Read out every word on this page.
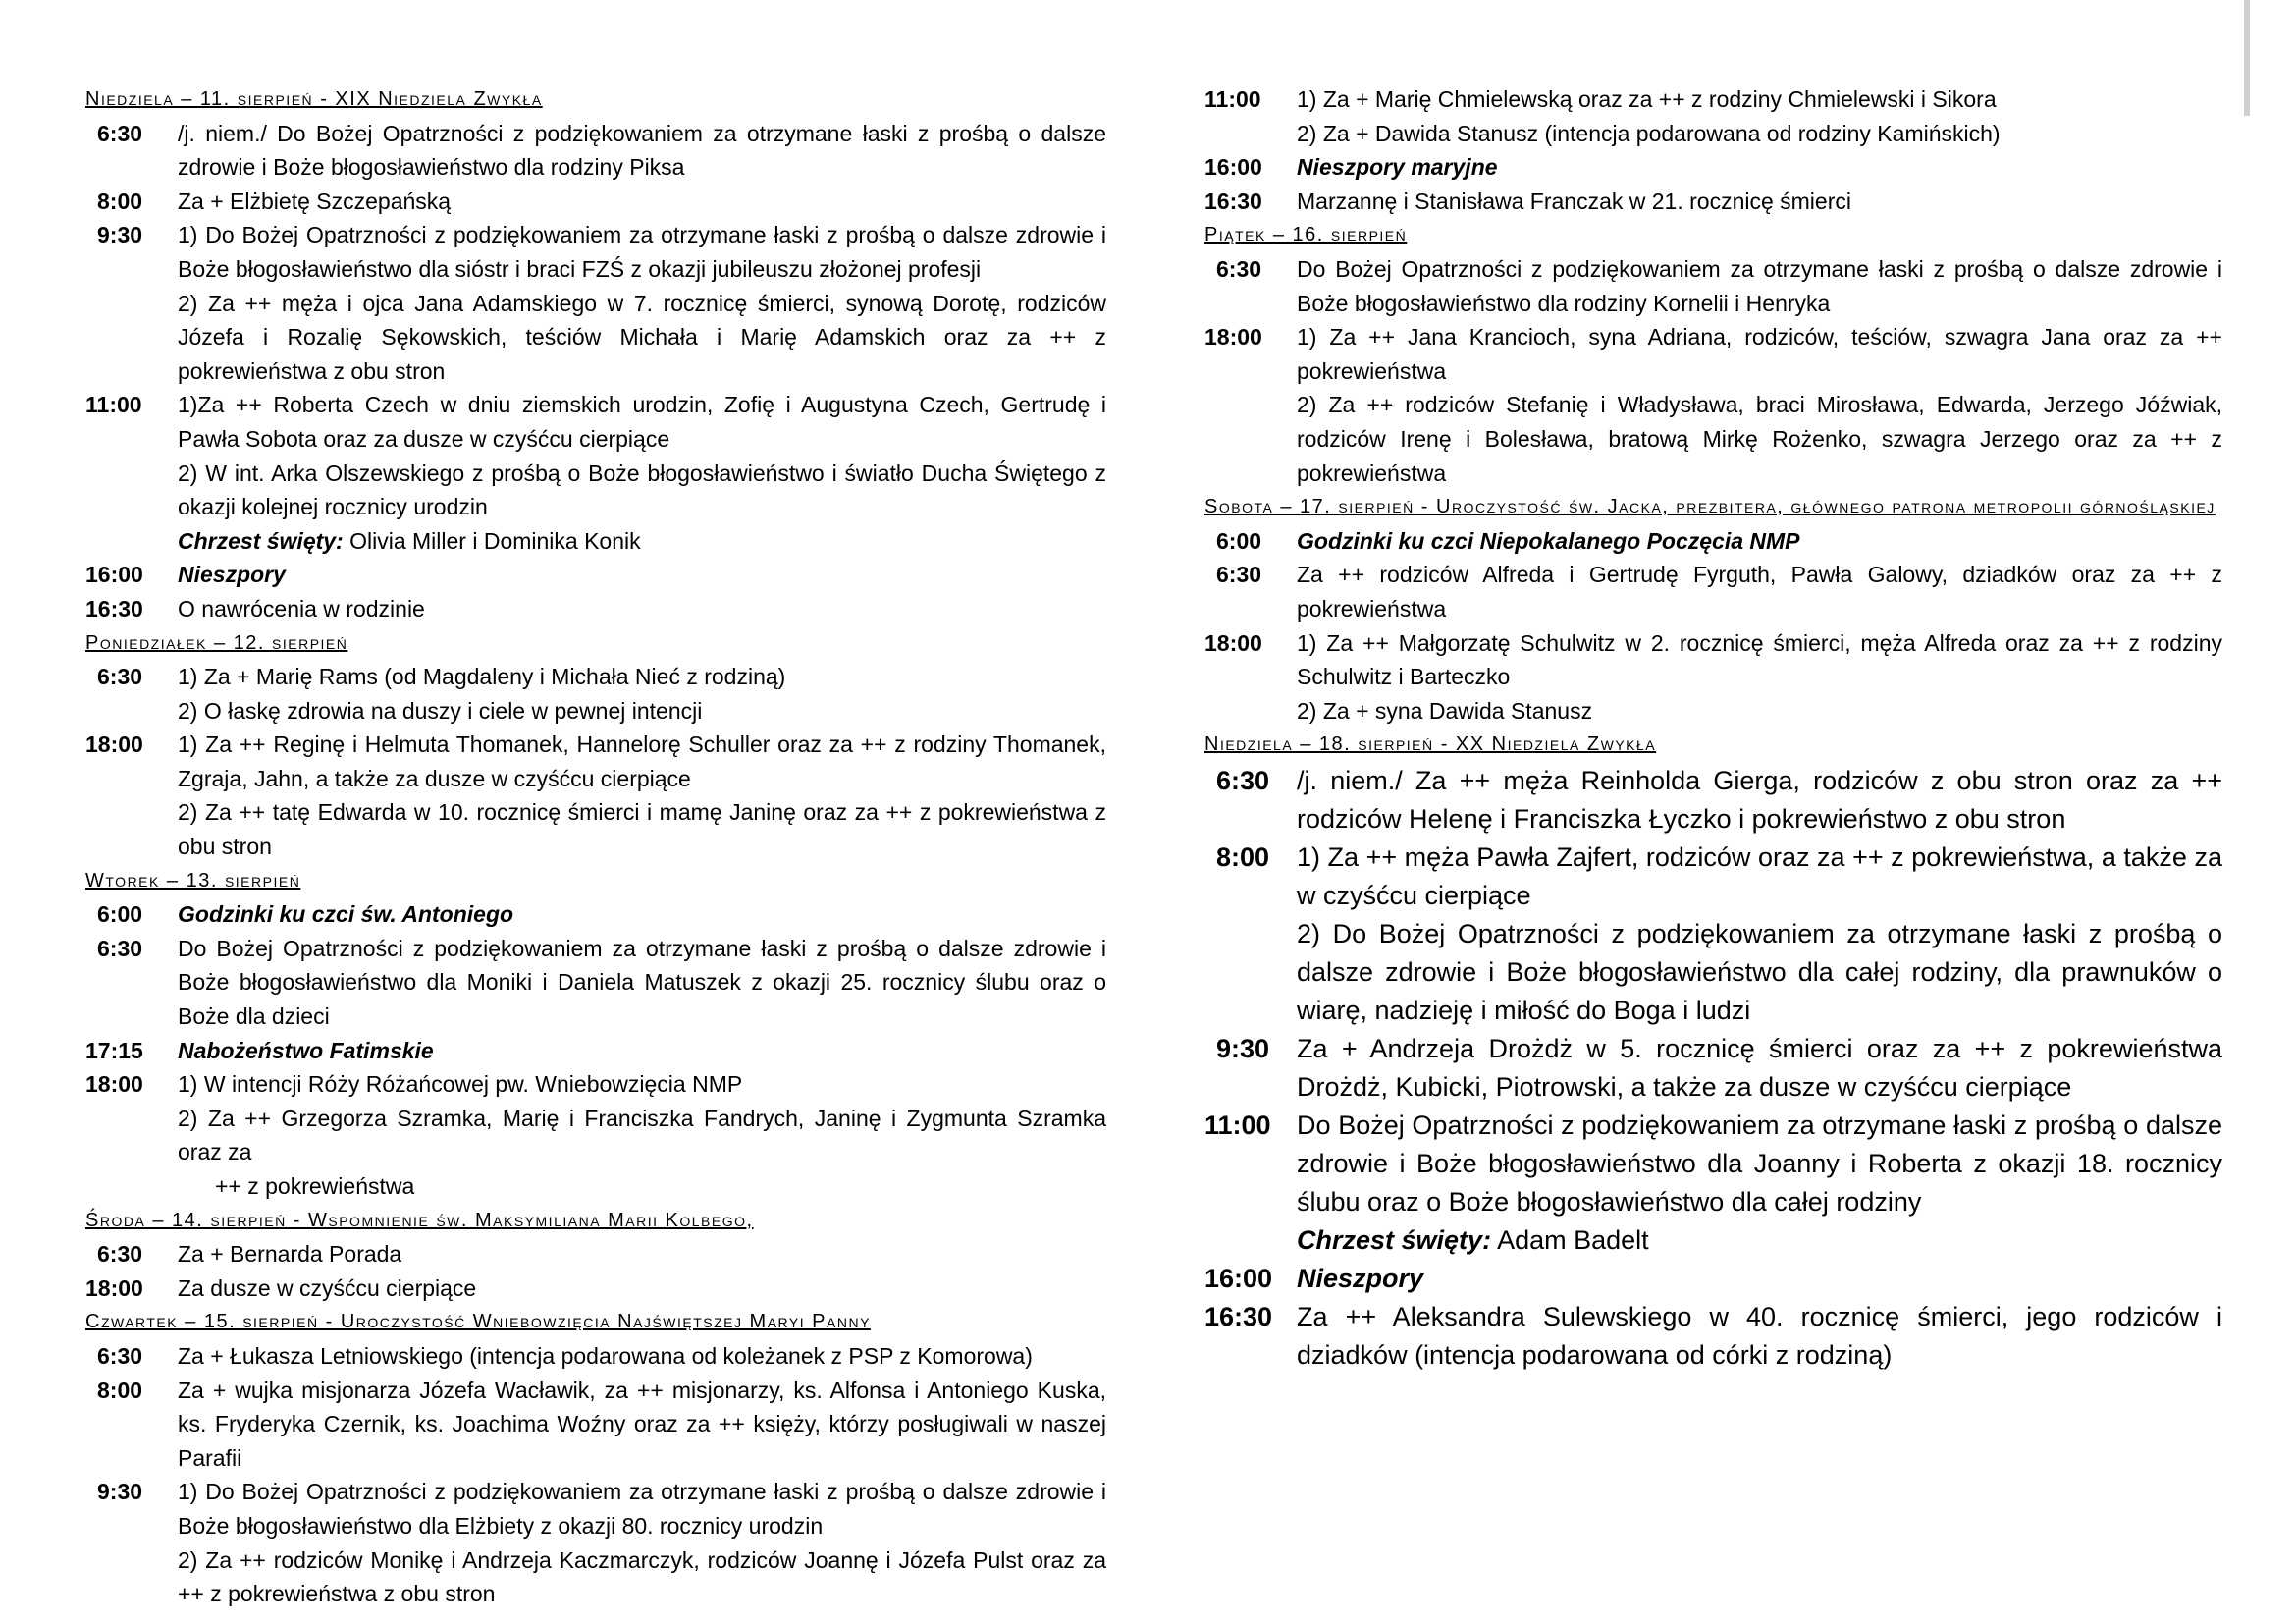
Niedziela – 11. sierpień - XIX Niedziela Zwykła
6:30	/j. niem./ Do Bożej Opatrzności z podziękowaniem za otrzymane łaski z prośbą o dalsze zdrowie i Boże błogosławieństwo dla rodziny Piksa
8:00	Za + Elżbietę Szczepańską
9:30	1) Do Bożej Opatrzności z podziękowaniem za otrzymane łaski z prośbą o dalsze zdrowie i Boże błogosławieństwo dla sióstr i braci FZŚ z okazji jubileuszu złożonej profesji
2) Za ++ męża i ojca Jana Adamskiego w 7. rocznicę śmierci, synową Dorotę, rodziców Józefa i Rozalię Sękowskich, teściów Michała i Marię Adamskich oraz za ++ z pokrewieństwa z obu stron
11:00	1)Za ++ Roberta Czech w dniu ziemskich urodzin, Zofię i Augustyna Czech, Gertrudę i Pawła Sobota oraz za dusze w czyśćcu cierpiące
2) W int. Arka Olszewskiego z prośbą o Boże błogosławieństwo i światło Ducha Świętego z okazji kolejnej rocznicy urodzin
Chrzest święty: Olivia Miller i Dominika Konik
16:00	Nieszpory
16:30	O nawrócenia w rodzinie
Poniedziałek – 12. sierpień
6:30	1) Za + Marię Rams (od Magdaleny i Michała Nieć z rodziną)
2) O łaskę zdrowia na duszy i ciele w pewnej intencji
18:00	1) Za ++ Reginę i Helmuta Thomanek, Hannelorę Schuller oraz za ++ z rodziny Thomanek, Zgraja, Jahn, a także za dusze w czyśćcu cierpiące
2) Za ++ tatę Edwarda w 10. rocznicę śmierci i mamę Janinę oraz za ++ z pokrewieństwa z obu stron
Wtorek – 13. sierpień
6:00	Godzinki ku czci św. Antoniego
6:30	Do Bożej Opatrzności z podziękowaniem za otrzymane łaski z prośbą o dalsze zdrowie i Boże błogosławieństwo dla Moniki i Daniela Matuszek z okazji 25. rocznicy ślubu oraz o Boże dla dzieci
17:15	Nabożeństwo Fatimskie
18:00	1) W intencji Róży Różańcowej pw. Wniebowzięcia NMP
2) Za ++ Grzegorza Szramka, Marię i Franciszka Fandrych, Janinę i Zygmunta Szramka oraz za
++ z pokrewieństwa
Środa – 14. sierpień - Wspomnienie św. Maksymiliana Marii Kolbego,
6:30	Za + Bernarda Porada
18:00	Za dusze w czyśćcu cierpiące
Czwartek – 15. sierpień - Uroczystość Wniebowzięcia Najświętszej Maryi Panny
6:30	Za + Łukasza Letniowskiego (intencja podarowana od koleżanek z PSP z Komorowa)
8:00	Za + wujka misjonarza Józefa Wacławik, za ++ misjonarzy, ks. Alfonsa i Antoniego Kuska, ks. Fryderyka Czernik, ks. Joachima Woźny oraz za ++ księży, którzy posługiwali w naszej Parafii
9:30	1) Do Bożej Opatrzności z podziękowaniem za otrzymane łaski z prośbą o dalsze zdrowie i Boże błogosławieństwo dla Elżbiety z okazji 80. rocznicy urodzin
2) Za ++ rodziców Monikę i Andrzeja Kaczmarczyk, rodziców Joannę i Józefa Pulst oraz za ++ z pokrewieństwa z obu stron
11:00	1) Za + Marię Chmielewską oraz za ++ z rodziny Chmielewski i Sikora
2) Za + Dawida Stanusz (intencja podarowana od rodziny Kamińskich)
16:00	Nieszpory maryjne
16:30	Marzannę i Stanisława Franczak w 21. rocznicę śmierci
Piątek – 16. sierpień
6:30	Do Bożej Opatrzności z podziękowaniem za otrzymane łaski z prośbą o dalsze zdrowie i Boże błogosławieństwo dla rodziny Kornelii i Henryka
18:00	1) Za ++ Jana Krancioch, syna Adriana, rodziców, teściów, szwagra Jana oraz za ++ pokrewieństwa
2) Za ++ rodziców Stefanię i Władysława, braci Mirosława, Edwarda, Jerzego Jóźwiak, rodziców Irenę i Bolesława, bratową Mirkę Rożenko, szwagra Jerzego oraz za ++ z pokrewieństwa
Sobota – 17. sierpień - Uroczystość św. Jacka, prezbitera, głównego patrona metropolii górnośląskiej
6:00	Godzinki ku czci Niepokalanego Poczęcia NMP
6:30	Za ++ rodziców Alfreda i Gertrudę Fyrguth, Pawła Galowy, dziadków oraz za ++ z pokrewieństwa
18:00	1) Za ++ Małgorzatę Schulwitz w 2. rocznicę śmierci, męża Alfreda oraz za ++ z rodziny Schulwitz i Barteczko
2) Za + syna Dawida Stanusz
Niedziela – 18. sierpień - XX Niedziela Zwykła
6:30	/j. niem./ Za ++ męża Reinholda Gierga, rodziców z obu stron oraz za ++ rodziców Helenę i Franciszka Łyczko i pokrewieństwo z obu stron
8:00	1) Za ++ męża Pawła Zajfert, rodziców oraz za ++ z pokrewieństwa, a także za w czyśćcu cierpiące
2) Do Bożej Opatrzności z podziękowaniem za otrzymane łaski z prośbą o dalsze zdrowie i Boże błogosławieństwo dla całej rodziny, dla prawnuków o wiarę, nadzieję i miłość do Boga i ludzi
9:30	Za + Andrzeja Drożdż w 5. rocznicę śmierci oraz za ++ z pokrewieństwa Drożdż, Kubicki, Piotrowski, a także za dusze w czyśćcu cierpiące
11:00 Do Bożej Opatrzności z podziękowaniem za otrzymane łaski z prośbą o dalsze zdrowie i Boże błogosławieństwo dla Joanny i Roberta z okazji 18. rocznicy ślubu oraz o Boże błogosławieństwo dla całej rodziny
Chrzest święty: Adam Badelt
16:00 Nieszpory
16:30 Za ++ Aleksandra Sulewskiego w 40. rocznicę śmierci, jego rodziców i dziadków (intencja podarowana od córki z rodziną)
